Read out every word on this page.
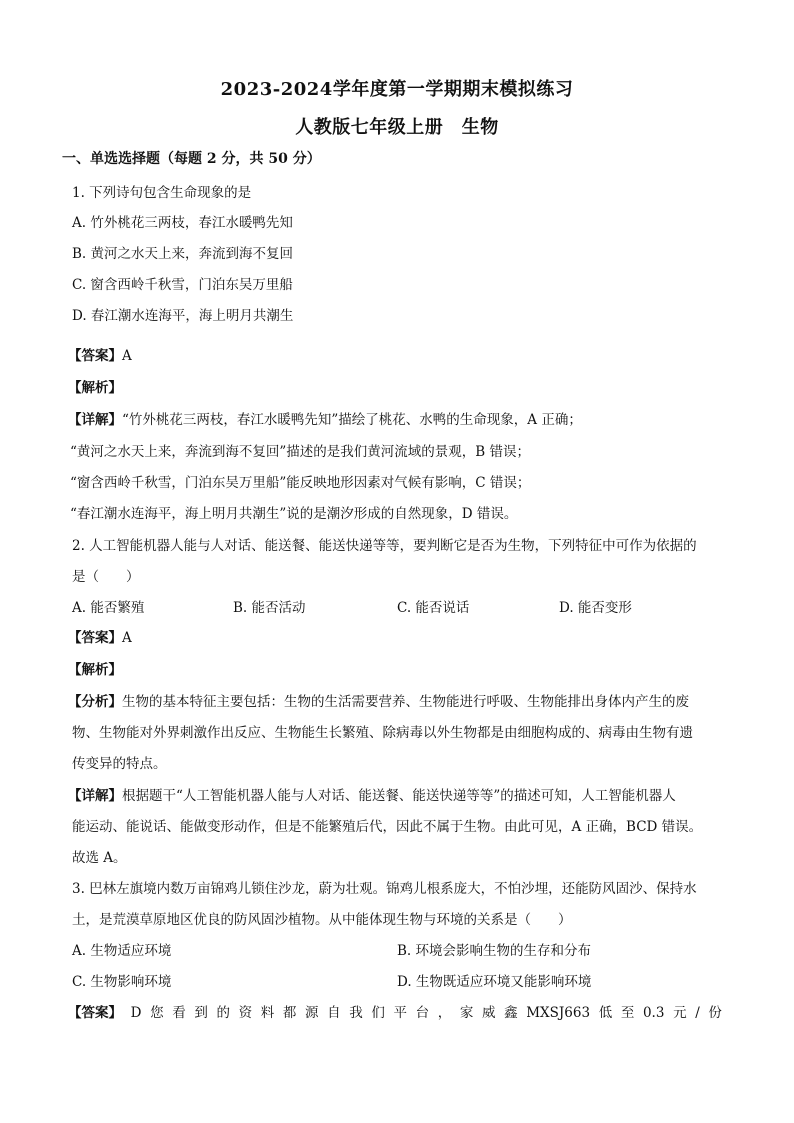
2023-2024学年度第一学期期末模拟练习
人教版七年级上册　生物
一、单选选择题（每题 2 分，共 50 分）
1. 下列诗句包含生命现象的是
A. 竹外桃花三两枝，春江水暖鸭先知
B. 黄河之水天上来，奔流到海不复回
C. 窗含西岭千秋雪，门泊东吴万里船
D. 春江潮水连海平，海上明月共潮生
【答案】A
【解析】
【详解】“竹外桃花三两枝，春江水暖鸭先知”描绘了桃花、水鸭的生命现象，A 正确；
“黄河之水天上来，奔流到海不复回”描述的是我们黄河流域的景观，B 错误；
“窗含西岭千秋雪，门泊东吴万里船”能反映地形因素对气候有影响，C 错误；
“春江潮水连海平，海上明月共潮生”说的是潮汐形成的自然现象，D 错误。
2. 人工智能机器人能与人对话、能送餐、能送快递等等，要判断它是否为生物，下列特征中可作为依据的
是（　　）
A. 能否繁殖	B. 能否活动	C. 能否说话	D. 能否变形
【答案】A
【解析】
【分析】生物的基本特征主要包括：生物的生活需要营养、生物能进行呼吸、生物能排出身体内产生的废
物、生物能对外界刺激作出反应、生物能生长繁殖、除病毒以外生物都是由细胞构成的、病毒由生物有遗
传变异的特点。
【详解】根据题干“人工智能机器人能与人对话、能送餐、能送快递等等”的描述可知，人工智能机器人
能运动、能说话、能做变形动作，但是不能繁殖后代，因此不属于生物。由此可见，A 正确，BCD 错误。
故选 A。
3. 巴林左旗境内数万亩锦鸡儿锁住沙龙，蔚为壮观。锦鸡儿根系庞大，不怕沙埋，还能防风固沙、保持水
土，是荒漠草原地区优良的防风固沙植物。从中能体现生物与环境的关系是（　　）
A. 生物适应环境	B. 环境会影响生物的生存和分布
C. 生物影响环境	D. 生物既适应环境又能影响环境
【答案】 D 您 看 到 的 资 料 都 源 自 我 们 平 台 ， 家 威 鑫 MXSJ663 低 至 0.3 元 / 份
